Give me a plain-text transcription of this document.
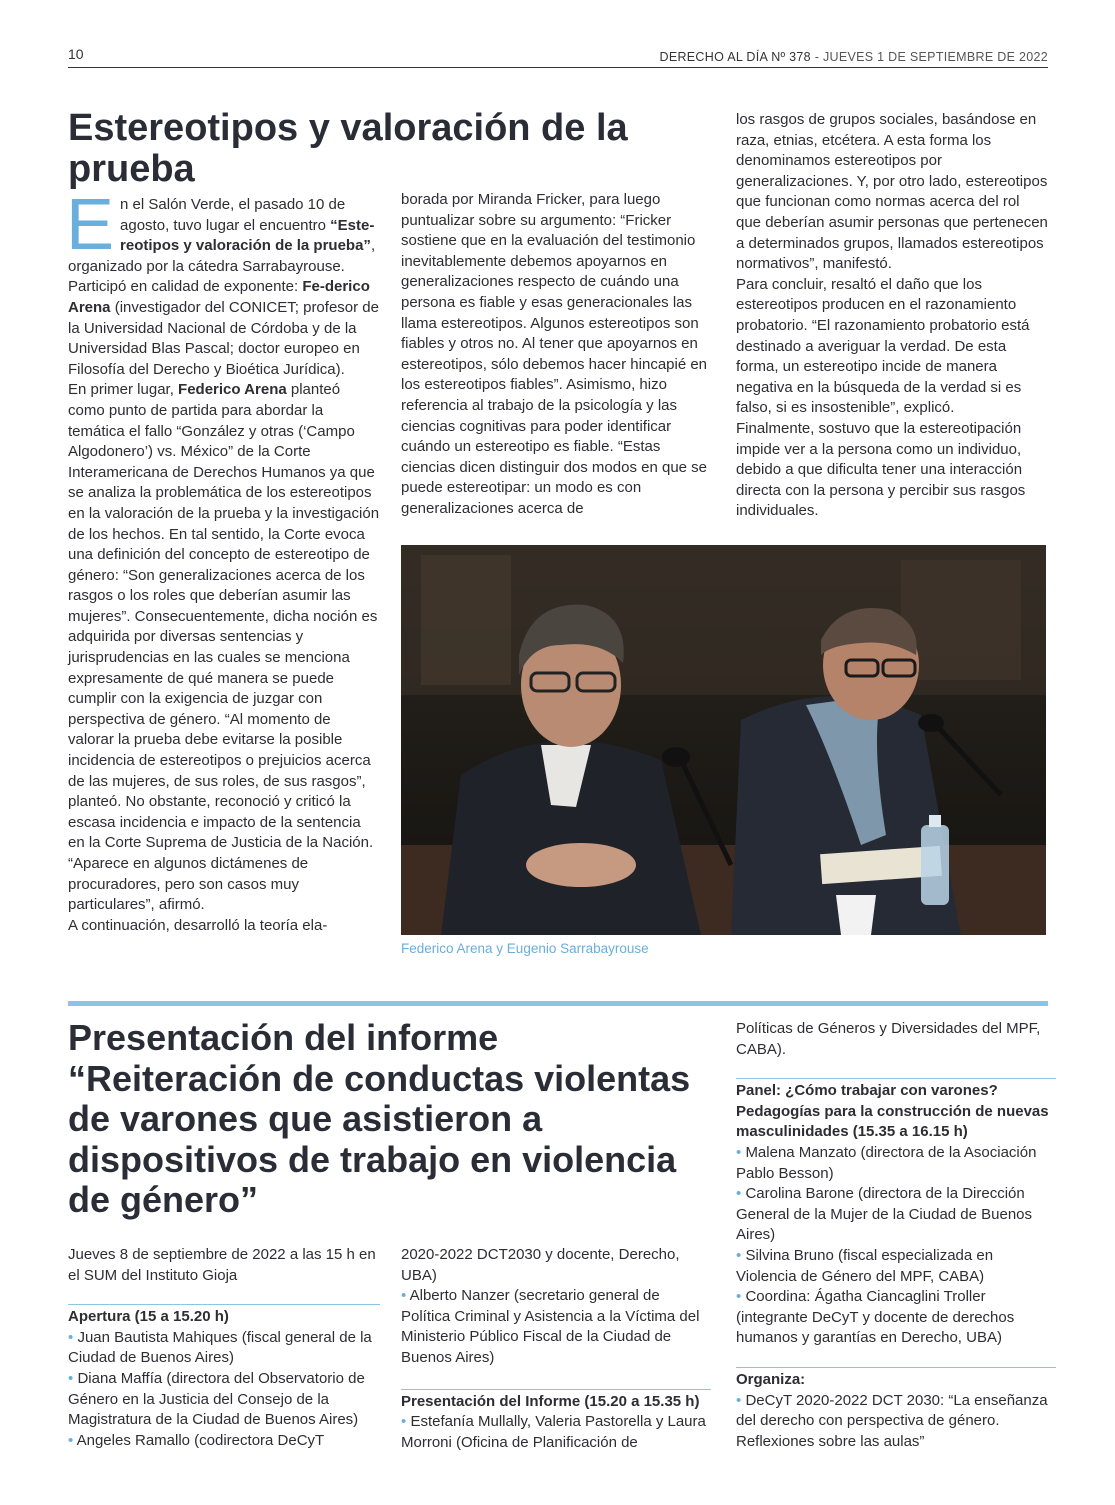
10	DERECHO AL DÍA Nº 378 - JUEVES 1 DE SEPTIEMBRE DE 2022
Estereotipos y valoración de la prueba
E n el Salón Verde, el pasado 10 de agosto, tuvo lugar el encuentro “Este-reotipos y valoración de la prueba”, organizado por la cátedra Sarrabayrouse.

Participó en calidad de exponente: Fe-derico Arena (investigador del CONICET; profesor de la Universidad Nacional de Córdoba y de la Universidad Blas Pascal; doctor europeo en Filosofía del Derecho y Bioética Jurídica).

En primer lugar, Federico Arena planteó como punto de partida para abordar la temática el fallo “González y otras (‘Campo Algodonero’) vs. México” de la Corte Interamericana de Derechos Humanos ya que se analiza la problemática de los estereotipos en la valoración de la prueba y la investigación de los hechos. En tal sentido, la Corte evoca una definición del concepto de estereotipo de género: “Son generalizaciones acerca de los rasgos o los roles que deberían asumir las mujeres”. Consecuentemente, dicha noción es adquirida por diversas sentencias y jurisprudencias en las cuales se menciona expresamente de qué manera se puede cumplir con la exigencia de juzgar con perspectiva de género. “Al momento de valorar la prueba debe evitarse la posible incidencia de estereotipos o prejuicios acerca de las mujeres, de sus roles, de sus rasgos”, planteó. No obstante, reconoció y criticó la escasa incidencia e impacto de la sentencia en la Corte Suprema de Justicia de la Nación. “Aparece en algunos dictámenes de procuradores, pero son casos muy particulares”, afirmó.

A continuación, desarrolló la teoría ela-

borada por Miranda Fricker, para luego puntualizar sobre su argumento: “Fricker sostiene que en la evaluación del testimonio inevitablemente debemos apoyarnos en generalizaciones respecto de cuándo una persona es fiable y esas generacionales las llama estereotipos. Algunos estereotipos son fiables y otros no. Al tener que apoyarnos en estereotipos, sólo debemos hacer hincapié en los estereotipos fiables”. Asimismo, hizo referencia al trabajo de la psicología y las ciencias cognitivas para poder identificar cuándo un estereotipo es fiable. “Estas ciencias dicen distinguir dos modos en que se puede estereotipar: un modo es con generalizaciones acerca de

los rasgos de grupos sociales, basándose en raza, etnias, etcétera. A esta forma los denominamos estereotipos por generalizaciones. Y, por otro lado, estereotipos que funcionan como normas acerca del rol que deberían asumir personas que pertenecen a determinados grupos, llamados estereotipos normativos”, manifestó.

Para concluir, resaltó el daño que los estereotipos producen en el razonamiento probatorio. “El razonamiento probatorio está destinado a averiguar la verdad. De esta forma, un estereotipo incide de manera negativa en la búsqueda de la verdad si es falso, si es insostenible”, explicó.

Finalmente, sostuvo que la estereotipación impide ver a la persona como un individuo, debido a que dificulta tener una interacción directa con la persona y percibir sus rasgos individuales.

Federico Arena y Eugenio Sarrabayrouse
Presentación del informe “Reiteración de conductas violentas de varones que asistieron a dispositivos de trabajo en violencia de género”

Jueves 8 de septiembre de 2022 a las 15 h en el SUM del Instituto Gioja

Apertura (15 a 15.20 h)

• Juan Bautista Mahiques (fiscal general de la Ciudad de Buenos Aires)

• Diana Maffía (directora del Observatorio de Género en la Justicia del Consejo de la Magistratura de la Ciudad de Buenos Aires)

• Angeles Ramallo (codirectora DeCyT

2020-2022 DCT2030 y docente, Derecho, UBA)

• Alberto Nanzer (secretario general de Política Criminal y Asistencia a la Víctima del Ministerio Público Fiscal de la Ciudad de Buenos Aires)

Presentación del Informe (15.20 a 15.35 h)

• Estefanía Mullally, Valeria Pastorella y Laura Morroni (Oficina de Planificación de

Políticas de Géneros y Diversidades del MPF, CABA).

Panel: ¿Cómo trabajar con varones? Pedagogías para la construcción de nuevas masculinidades (15.35 a 16.15 h)

• Malena Manzato (directora de la Asociación Pablo Besson)

• Carolina Barone (directora de la Dirección General de la Mujer de la Ciudad de Buenos Aires)

• Silvina Bruno (fiscal especializada en Violencia de Género del MPF, CABA)

• Coordina: Ágatha Ciancaglini Troller (integrante DeCyT y docente de derechos humanos y garantías en Derecho, UBA)

Organiza:

• DeCyT 2020-2022 DCT 2030: “La enseñanza del derecho con perspectiva de género. Reflexiones sobre las aulas”
